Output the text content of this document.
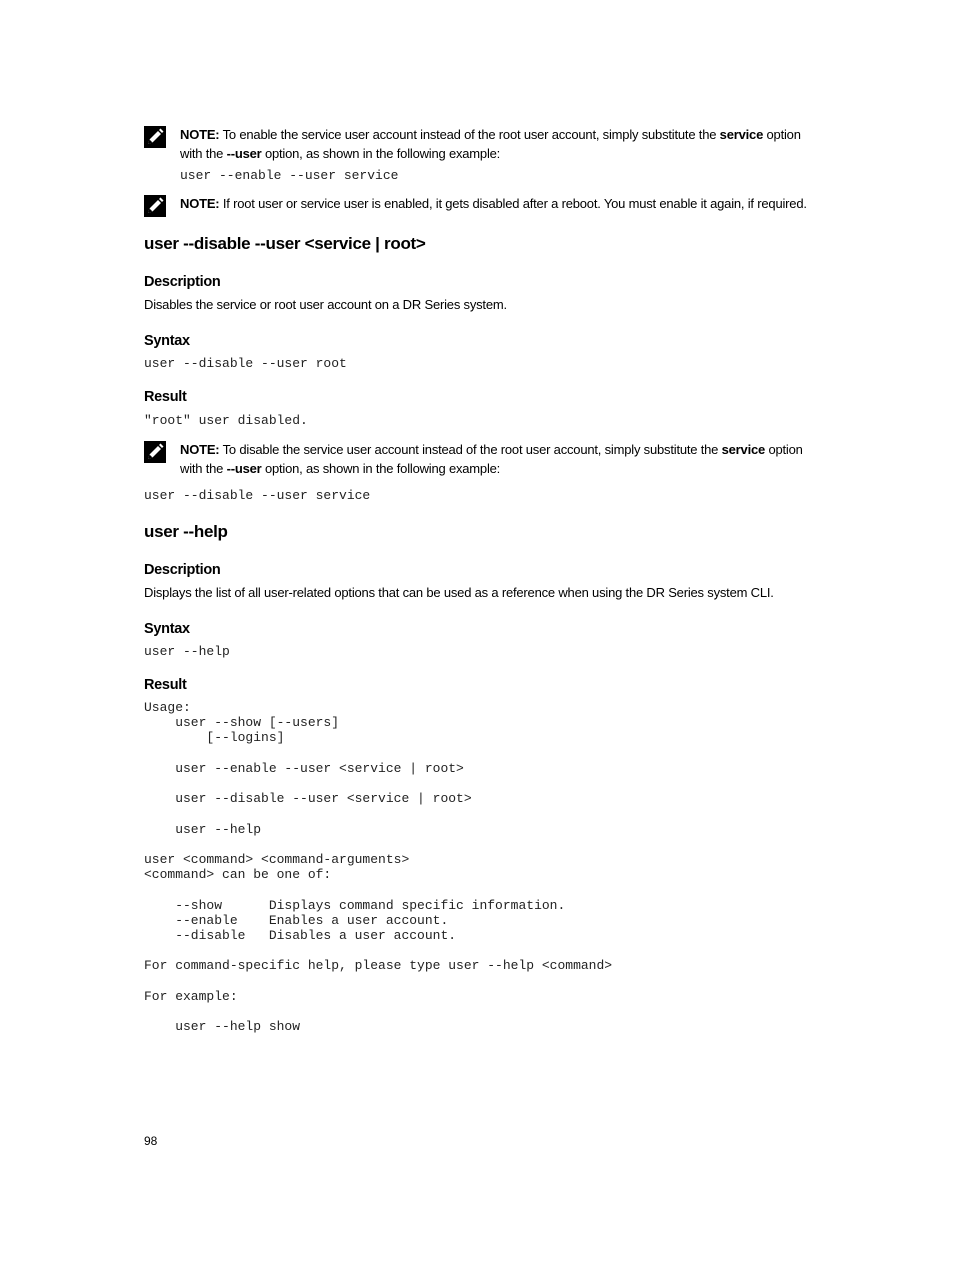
NOTE: To enable the service user account instead of the root user account, simply substitute the service option
with the --user option, as shown in the following example:
user --enable --user service
NOTE: If root user or service user is enabled, it gets disabled after a reboot. You must enable it again, if required.
user --disable --user <service | root>
Description
Disables the service or root user account on a DR Series system.
Syntax
user --disable --user root
Result
"root" user disabled.
NOTE: To disable the service user account instead of the root user account, simply substitute the service option
with the --user option, as shown in the following example:
user --disable --user service
user --help
Description
Displays the list of all user-related options that can be used as a reference when using the DR Series system CLI.
Syntax
user --help
Result
Usage:
user --show [--users]
[--logins]

user --enable --user <service | root>

user --disable --user <service | root>

user --help

user <command> <command-arguments>
<command> can be one of:

--show      Displays command specific information.
--enable    Enables a user account.
--disable   Disables a user account.

For command-specific help, please type user --help <command>

For example:

user --help show
98
